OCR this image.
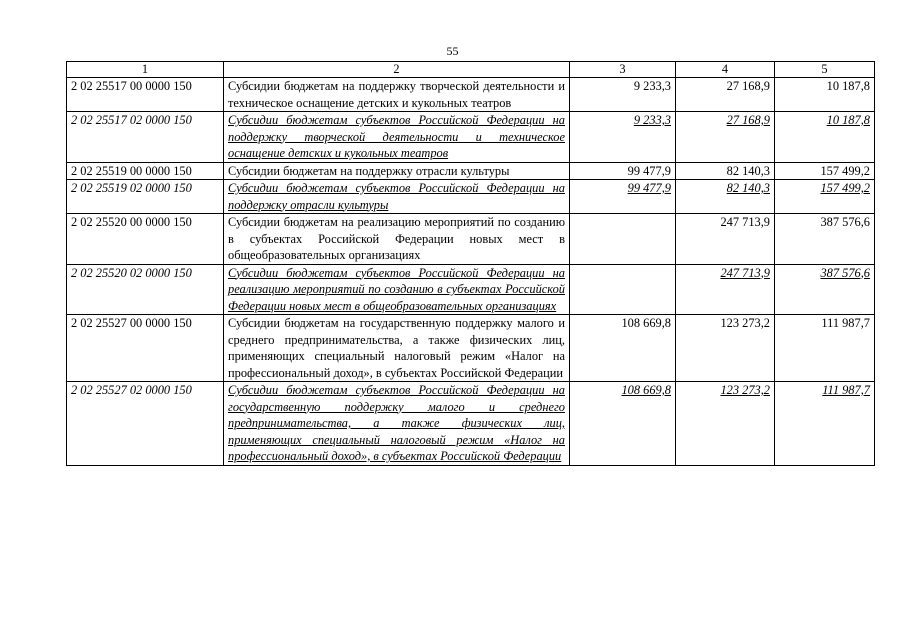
55
1	2	3	4	5
2 02 25517 00 0000 150	Субсидии бюджетам на поддержку творческой деятельности и техническое оснащение детских и кукольных театров	9 233,3	27 168,9	10 187,8
2 02 25517 02 0000 150	Субсидии бюджетам субъектов Российской Федерации на поддержку творческой деятельности и техническое оснащение детских и кукольных театров	9 233,3	27 168,9	10 187,8
2 02 25519 00 0000 150	Субсидии бюджетам на поддержку отрасли культуры	99 477,9	82 140,3	157 499,2
2 02 25519 02 0000 150	Субсидии бюджетам субъектов Российской Федерации на поддержку отрасли культуры	99 477,9	82 140,3	157 499,2
2 02 25520 00 0000 150	Субсидии бюджетам на реализацию мероприятий по созданию в субъектах Российской Федерации новых мест в общеобразовательных организациях		247 713,9	387 576,6
2 02 25520 02 0000 150	Субсидии бюджетам субъектов Российской Федерации на реализацию мероприятий по созданию в субъектах Российской Федерации новых мест в общеобразовательных организациях		247 713,9	387 576,6
2 02 25527 00 0000 150	Субсидии бюджетам на государственную поддержку малого и среднего предпринимательства, а также физических лиц, применяющих специальный налоговый режим «Налог на профессиональный доход», в субъектах Российской Федерации	108 669,8	123 273,2	111 987,7
2 02 25527 02 0000 150	Субсидии бюджетам субъектов Российской Федерации на государственную поддержку малого и среднего предпринимательства, а также физических лиц, применяющих специальный налоговый режим «Налог на профессиональный доход», в субъектах Российской Федерации	108 669,8	123 273,2	111 987,7
